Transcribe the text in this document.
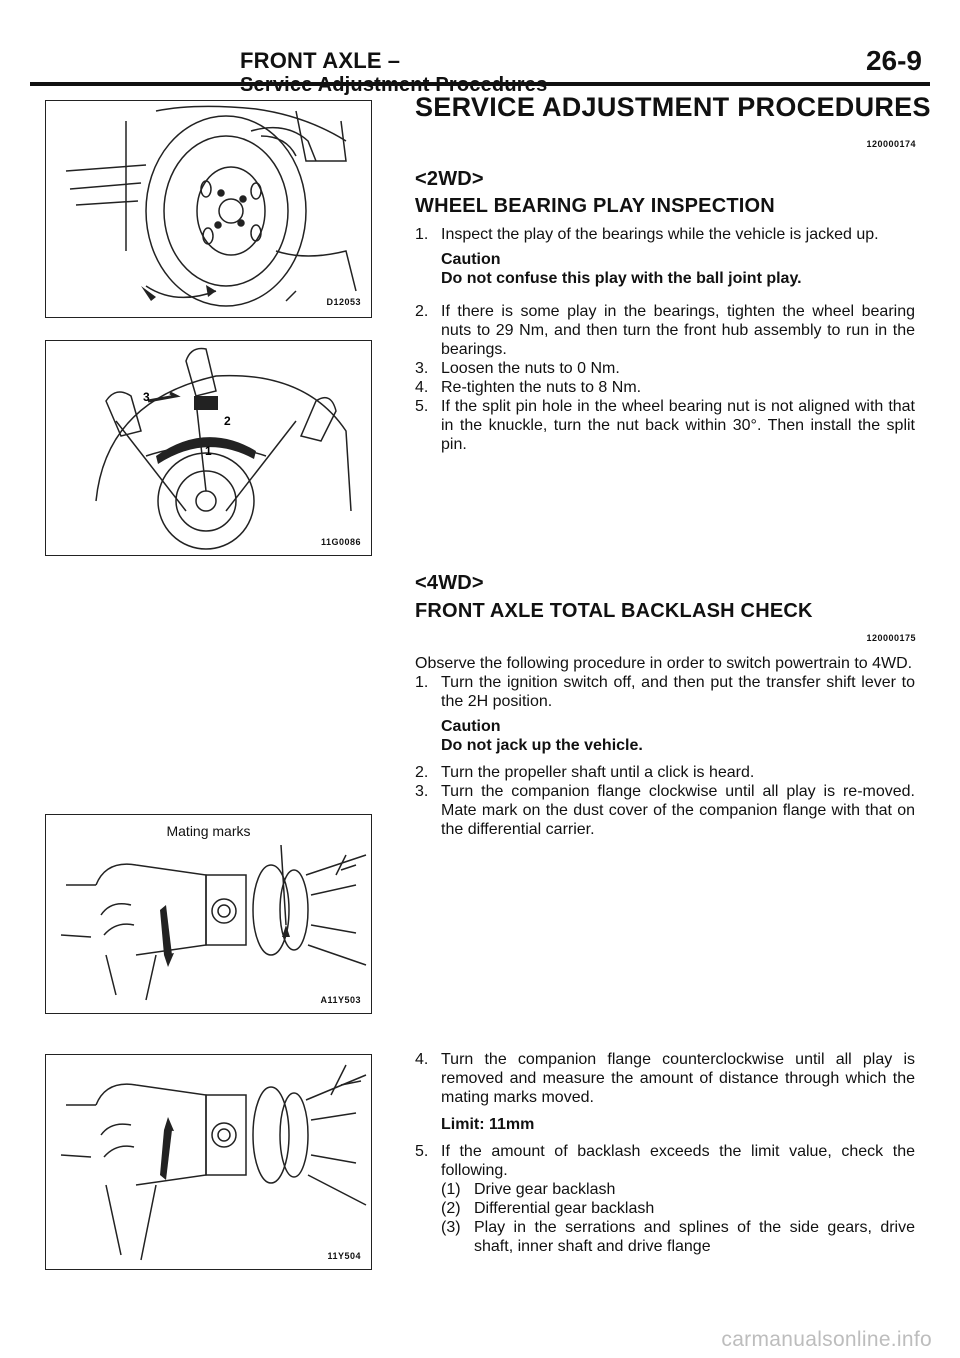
FRONT AXLE –	26-9
D12053
3
2
1
11G0086
Mating marks
A11Y503
11Y504
SERVICE ADJUSTMENT PROCEDURES
120000174
<2WD>
WHEEL BEARING PLAY INSPECTION
1. Inspect the play of the bearings while the vehicle is jacked up.
Caution
Do not confuse this play with the ball joint play.
2. If there is some play in the bearings, tighten the wheel bearing nuts to 29 Nm, and then turn the front hub assembly to run in the bearings.
3. Loosen the nuts to 0 Nm.
4. Re-tighten the nuts to 8 Nm.
5. If the split pin hole in the wheel bearing nut is not aligned with that in the knuckle, turn the nut back within 30°. Then install the split pin.
<4WD>
FRONT AXLE TOTAL BACKLASH CHECK
120000175
Observe the following procedure in order to switch powertrain to 4WD.
1. Turn the ignition switch off, and then put the transfer shift lever to the 2H position.
Caution
Do not jack up the vehicle.
2. Turn the propeller shaft until a click is heard.
3. Turn the companion flange clockwise until all play is re-moved. Mate mark on the dust cover of the companion flange with that on the differential carrier.
4. Turn the companion flange counterclockwise until all play is removed and measure the amount of distance through which the mating marks moved.
Limit: 11mm
5. If the amount of backlash exceeds the limit value, check the following.
(1) Drive gear backlash
(2) Differential gear backlash
(3) Play in the serrations and splines of the side gears, drive shaft, inner shaft and drive flange
carmanualsonline.info
